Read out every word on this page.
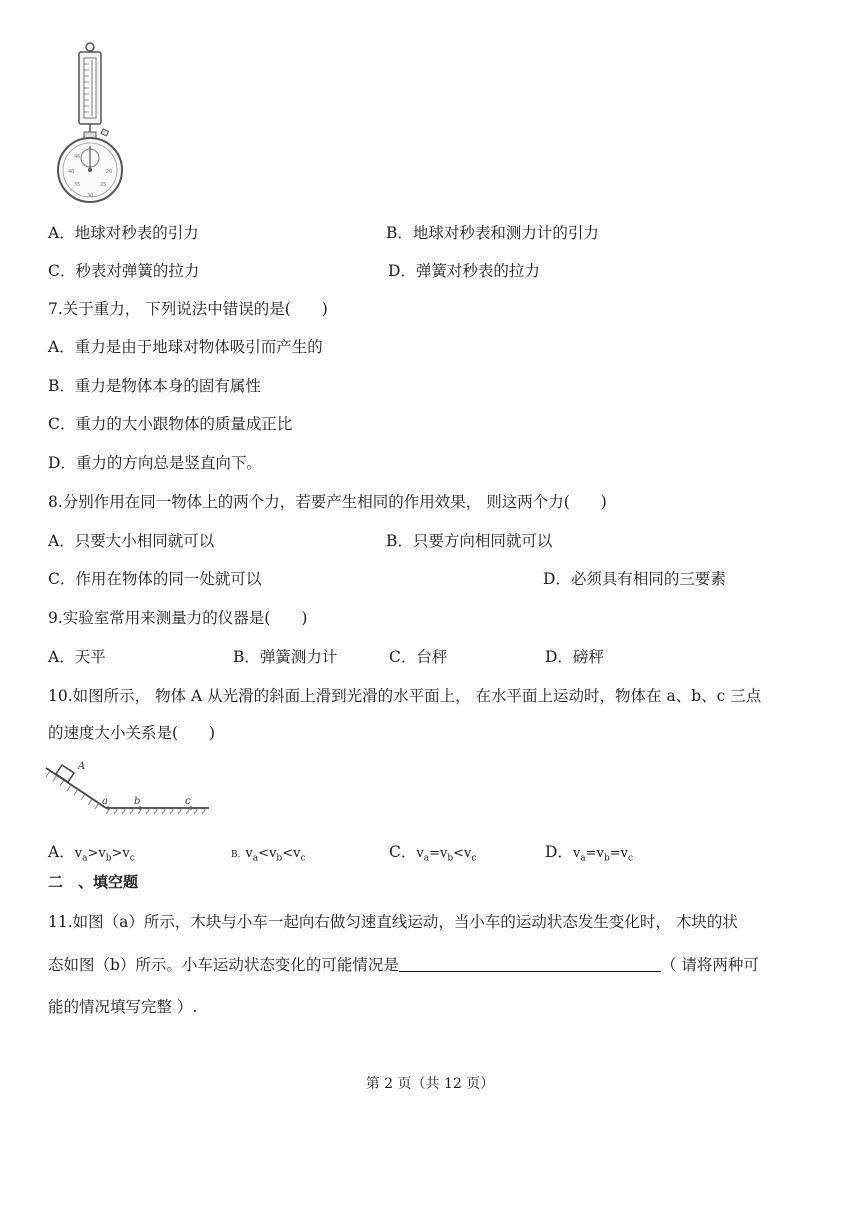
40	20
30
35	25
45
A．地球对秒表的引力	B．地球对秒表和测力计的引力
C．秒表对弹簧的拉力	D．弹簧对秒表的拉力
7.关于重力， 下列说法中错误的是(　　)
A．重力是由于地球对物体吸引而产生的
B．重力是物体本身的固有属性
C．重力的大小跟物体的质量成正比
D．重力的方向总是竖直向下。
8.分别作用在同一物体上的两个力，若要产生相同的作用效果， 则这两个力(　　)
A．只要大小相同就可以	B．只要方向相同就可以
C．作用在物体的同一处就可以	D．必须具有相同的三要素
9.实验室常用来测量力的仪器是(　　)
A．天平	B．弹簧测力计	C．台秤	D．磅秤
10.如图所示， 物体 A 从光滑的斜面上滑到光滑的水平面上， 在水平面上运动时，物体在 a、b、c 三点
的速度大小关系是(　　)
A
a	b	c
A．$v_a>v_b>v_c$	B. $v_a<v_b<v_c$	C．$v_a=v_b<v_c$	D．$v_a=v_b=v_c$
二　、填空题
11.如图（a）所示，木块与小车一起向右做匀速直线运动，当小车的运动状态发生变化时， 木块的状
态如图（b）所示。小车运动状态变化的可能情况是	（ 请将两种可
能的情况填写完整 ）.
第 2 页（共 12 页）
